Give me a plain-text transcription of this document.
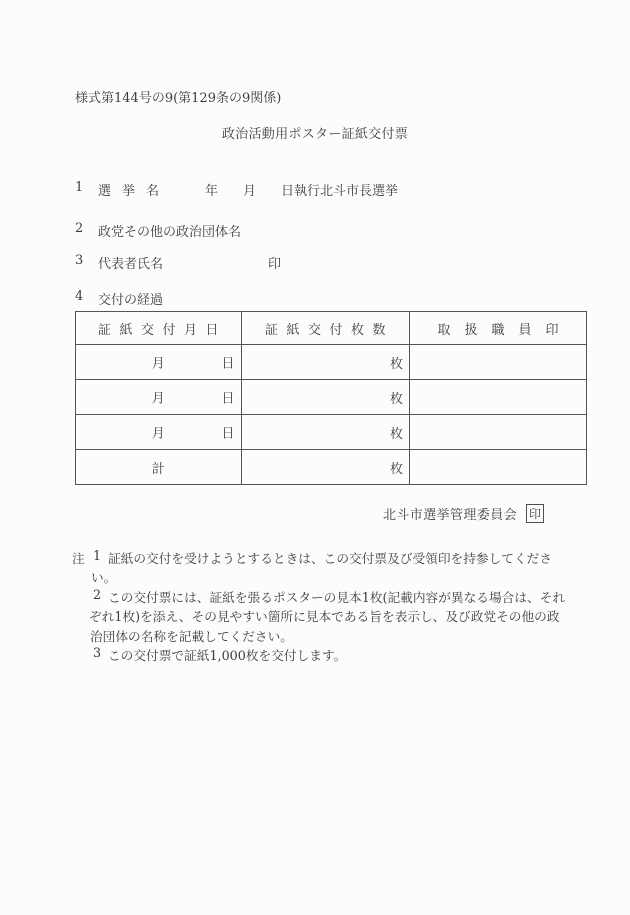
様式第144号の9(第129条の9関係)
政治活動用ポスター証紙交付票
1 選挙名	年 月 日執行北斗市長選挙
2 政党その他の政治団体名
3 代表者氏名	印
4 交付の経過
証紙交付月日	証紙交付枚数	取扱職員印

月 日	枚	

月 日	枚	

月 日	枚	
計	枚	
北斗市選挙管理委員会 印
注 1 証紙の交付を受けようとするときは、この交付票及び受領印を持参してくださ
い。
2 この交付票には、証紙を張るポスターの見本1枚(記載内容が異なる場合は、それ
ぞれ1枚)を添え、その見やすい箇所に見本である旨を表示し、及び政党その他の政
治団体の名称を記載してください。
3 この交付票で証紙1,000枚を交付します。
